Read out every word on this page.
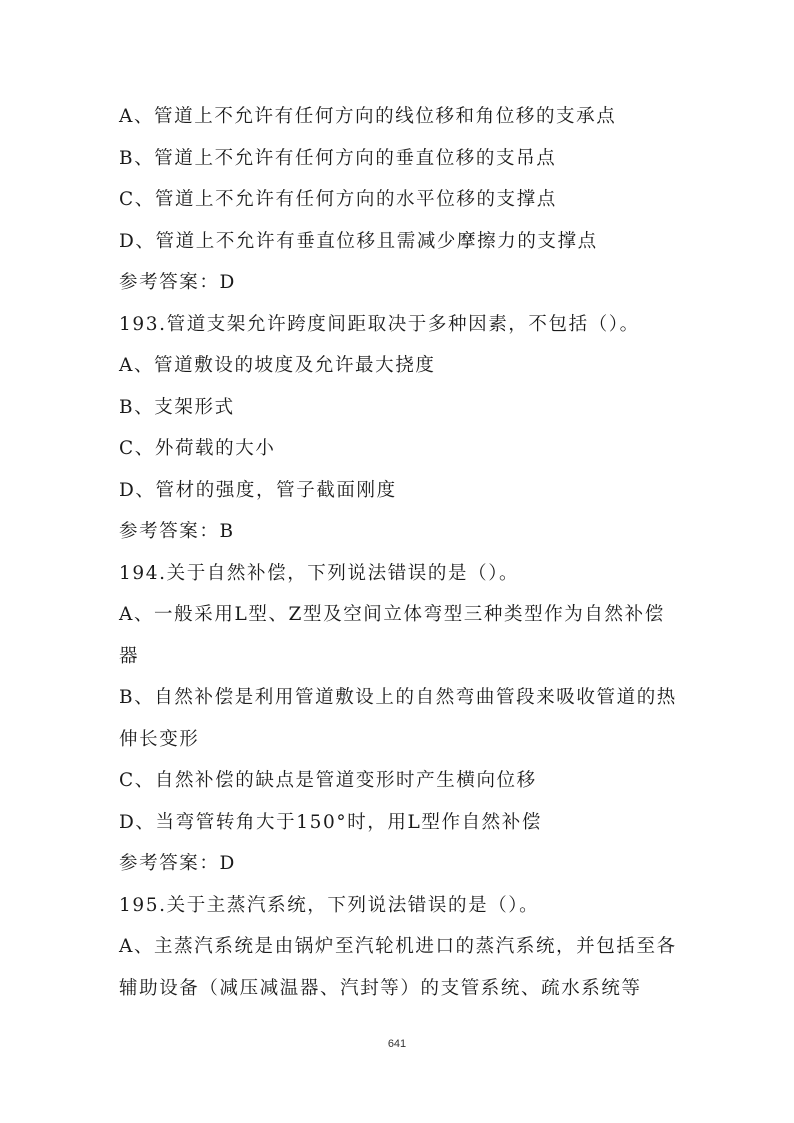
A、管道上不允许有任何方向的线位移和角位移的支承点
B、管道上不允许有任何方向的垂直位移的支吊点
C、管道上不允许有任何方向的水平位移的支撑点
D、管道上不允许有垂直位移且需减少摩擦力的支撑点
参考答案：D
193.管道支架允许跨度间距取决于多种因素，不包括（）。
A、管道敷设的坡度及允许最大挠度
B、支架形式
C、外荷载的大小
D、管材的强度，管子截面刚度
参考答案：B
194.关于自然补偿，下列说法错误的是（）。
A、一般采用L型、Z型及空间立体弯型三种类型作为自然补偿
器
B、自然补偿是利用管道敷设上的自然弯曲管段来吸收管道的热
伸长变形
C、自然补偿的缺点是管道变形时产生横向位移
D、当弯管转角大于150°时，用L型作自然补偿
参考答案：D
195.关于主蒸汽系统，下列说法错误的是（）。
A、主蒸汽系统是由锅炉至汽轮机进口的蒸汽系统，并包括至各
辅助设备（减压减温器、汽封等）的支管系统、疏水系统等
641
